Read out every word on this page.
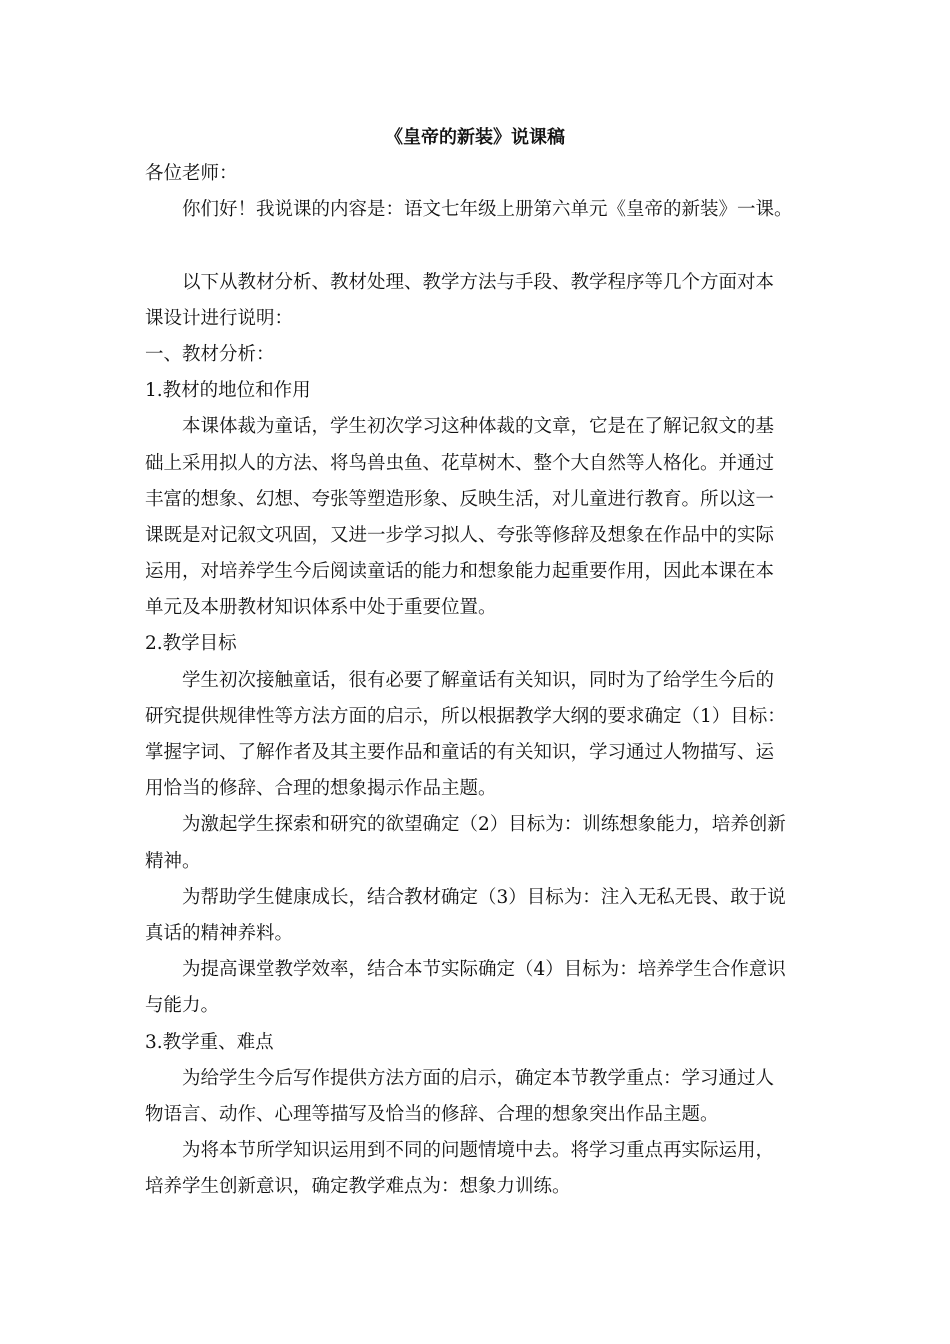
《皇帝的新装》说课稿
各位老师：
你们好！我说课的内容是：语文七年级上册第六单元《皇帝的新装》一课。
以下从教材分析、教材处理、教学方法与手段、教学程序等几个方面对本
课设计进行说明：
一、教材分析：
1.教材的地位和作用
本课体裁为童话，学生初次学习这种体裁的文章，它是在了解记叙文的基
础上采用拟人的方法、将鸟兽虫鱼、花草树木、整个大自然等人格化。并通过
丰富的想象、幻想、夸张等塑造形象、反映生活，对儿童进行教育。所以这一
课既是对记叙文巩固，又进一步学习拟人、夸张等修辞及想象在作品中的实际
运用，对培养学生今后阅读童话的能力和想象能力起重要作用，因此本课在本
单元及本册教材知识体系中处于重要位置。
2.教学目标
学生初次接触童话，很有必要了解童话有关知识，同时为了给学生今后的
研究提供规律性等方法方面的启示，所以根据教学大纲的要求确定（1）目标：
掌握字词、了解作者及其主要作品和童话的有关知识，学习通过人物描写、运
用恰当的修辞、合理的想象揭示作品主题。
为激起学生探索和研究的欲望确定（2）目标为：训练想象能力，培养创新
精神。
为帮助学生健康成长，结合教材确定（3）目标为：注入无私无畏、敢于说
真话的精神养料。
为提高课堂教学效率，结合本节实际确定（4）目标为：培养学生合作意识
与能力。
3.教学重、难点
为给学生今后写作提供方法方面的启示，确定本节教学重点：学习通过人
物语言、动作、心理等描写及恰当的修辞、合理的想象突出作品主题。
为将本节所学知识运用到不同的问题情境中去。将学习重点再实际运用，
培养学生创新意识，确定教学难点为：想象力训练。
